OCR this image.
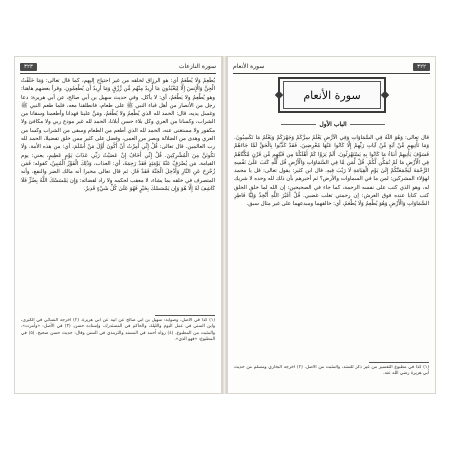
٣٢٣	سورة النازعات
يُطْعِمُ وَلَا يُطْعَمُ أي: هو الرزاق لخلقه من غير احتياج إليهم، كما قال تعالى: وَمَا خَلَقْتُ الْجِنَّ وَالْإِنسَ إِلَّا لِيَعْبُدُونِ مَا أُرِيدُ مِنْهُم مِّن رِّزْقٍ وَمَا أُرِيدُ أَن يُطْعِمُونِ. وقرأ بعضهم هاهنا: وهو يُطْعِمُ ولا يَطْعَمُ، أي: لا يأكل. وفي حديث سهيل بن أبي صالح، عن أبي هريرة: دعا رجل من الأنصار من أهل قباء النبي ﷺ على طعام، فانطلقنا معه، فلما طعم النبي ﷺ وغسل يديه، قال: الحمد لله الذي يُطْعِمُ ولا يُطْعَمُ، ومَنَّ علينا فهدانا وأطعمنا وسقانا من الشراب، وكسانا من العري وكل بلاء حسن أبلانا، الحمد لله غير مودع ربي ولا مكافئ ولا مكفور ولا مستغنى عنه، الحمد لله الذي أطعم من الطعام وسقى من الشراب وكسا من العري وهدى من الضلالة وبصر من العمى، وفضل على كثير ممن خلق تفضيلا، الحمد لله رب العالمين. قال تعالى: قُلْ إِنِّي أُمِرْتُ أَنْ أَكُونَ أَوَّلَ مَنْ أَسْلَمَ، أي: من هذه الأمة. وَلَا تَكُونَنَّ مِنَ الْمُشْرِكِينَ. قُلْ إِنِّي أَخَافُ إِنْ عَصَيْتُ رَبِّي عَذَابَ يَوْمٍ عَظِيمٍ، يعني: يوم القيامة. مَن يُصْرَفْ عَنْهُ يَوْمَئِذٍ فَقَدْ رَحِمَهُ، أي: العذاب، وَذَٰلِكَ الْفَوْزُ الْمُبِينُ، كقوله: فَمَن زُحْزِحَ عَنِ النَّارِ وَأُدْخِلَ الْجَنَّةَ فَقَدْ فَازَ. ثم قال تعالى مخبرا أنه مالك الضر والنفع، وأنه المتصرف في خلقه بما يشاء، لا معقب لحكمه ولا راد لقضائه: وَإِن يَمْسَسْكَ اللَّهُ بِضُرٍّ فَلَا كَاشِفَ لَهُ إِلَّا هُوَ وَإِن يَمْسَسْكَ بِخَيْرٍ فَهُوَ عَلَىٰ كُلِّ شَيْءٍ قَدِيرٌ.
(١) كذا في الأصل، وصوابه: سهيل بن أبي صالح عن أبيه عن أبي هريرة. (٢) أخرجه النسائي في الكبرى، وابن السني في عمل اليوم والليلة، والحاكم في المستدرك، وإسناده حسن. (٣) في الأصل: «وأمرت»، والمثبت من المطبوع. (٤) رواه أحمد في المسند والترمذي في السنن وقال: حديث حسن صحيح. (٥) في المطبوع: «فهو الذي».
سورة الأنعام	٣٢٢
سورة الأنعام
الباب الأول
قال تعالى: وَهُوَ اللَّهُ فِي السَّمَاوَاتِ وَفِي الْأَرْضِ يَعْلَمُ سِرَّكُمْ وَجَهْرَكُمْ وَيَعْلَمُ مَا تَكْسِبُونَ. وَمَا تَأْتِيهِم مِّنْ آيَةٍ مِّنْ آيَاتِ رَبِّهِمْ إِلَّا كَانُوا عَنْهَا مُعْرِضِينَ. فَقَدْ كَذَّبُوا بِالْحَقِّ لَمَّا جَاءَهُمْ فَسَوْفَ يَأْتِيهِمْ أَنبَاءُ مَا كَانُوا بِهِ يَسْتَهْزِئُونَ. أَلَمْ يَرَوْا كَمْ أَهْلَكْنَا مِن قَبْلِهِم مِّن قَرْنٍ مَّكَّنَّاهُمْ فِي الْأَرْضِ مَا لَمْ نُمَكِّن لَّكُمْ. قُلْ لِّمَن مَّا فِي السَّمَاوَاتِ وَالْأَرْضِ قُل لِّلَّهِ كَتَبَ عَلَىٰ نَفْسِهِ الرَّحْمَةَ لَيَجْمَعَنَّكُمْ إِلَىٰ يَوْمِ الْقِيَامَةِ لَا رَيْبَ فِيهِ. قال ابن كثير: يقول تعالى: قل يا محمد لهؤلاء المشركين: لمن ما في السماوات والأرض؟ ثم أخبرهم بأن ذلك لله وحده لا شريك له، وهو الذي كتب على نفسه الرحمة، كما جاء في الصحيحين: إن الله لما خلق الخلق كتب كتابا عنده فوق العرش: إن رحمتي تغلب غضبي. قُلْ أَغَيْرَ اللَّهِ أَتَّخِذُ وَلِيًّا فَاطِرِ السَّمَاوَاتِ وَالْأَرْضِ وَهُوَ يُطْعِمُ وَلَا يُطْعَمُ، أي: خالقهما ومبدعهما على غير مثال سبق.
(١) كذا في مطبوع التفسير من غير ذكر للسند، والمثبت من الأصل. (٢) أخرجه البخاري ومسلم من حديث أبي هريرة رضي الله عنه.
